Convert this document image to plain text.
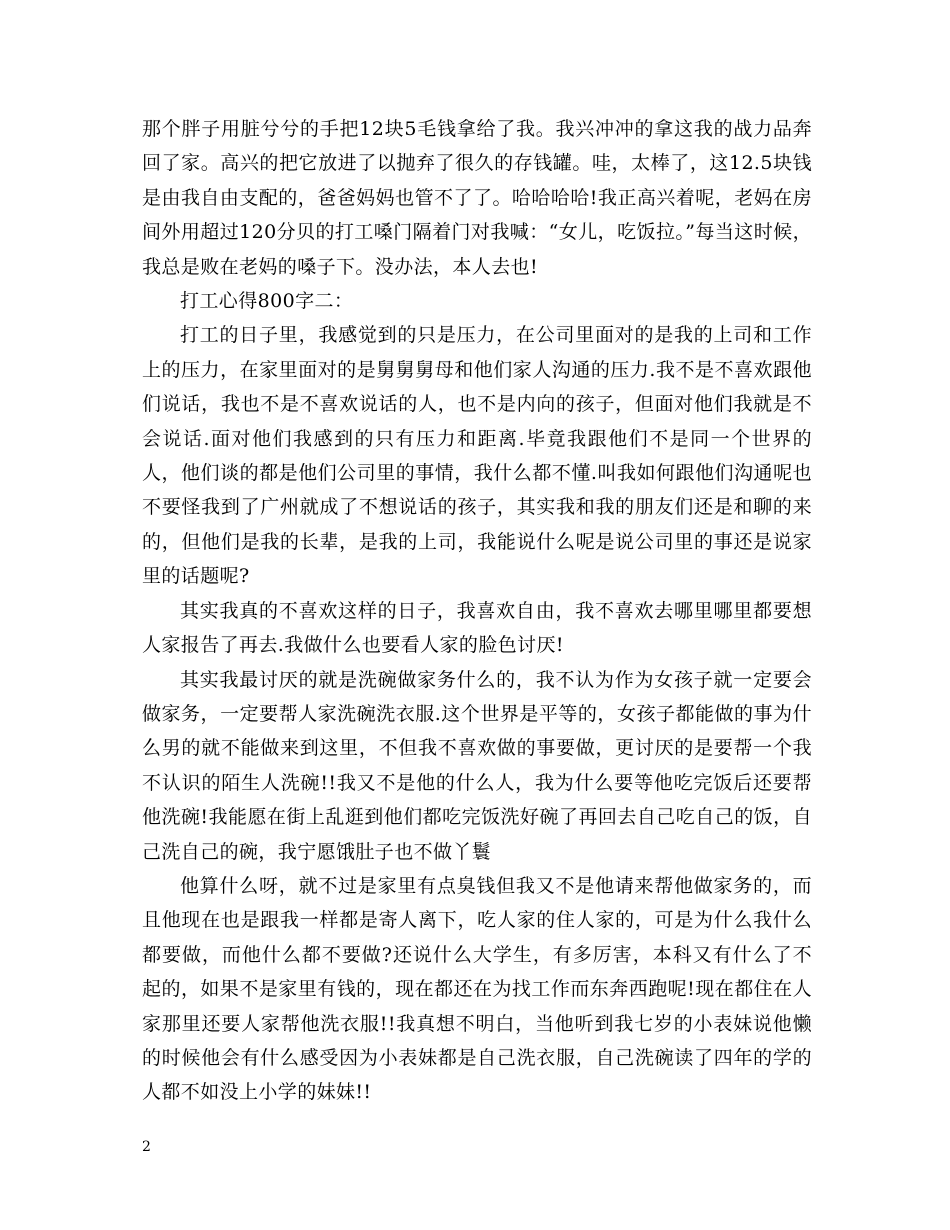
那个胖子用脏兮兮的手把12块5毛钱拿给了我。我兴冲冲的拿这我的战力品奔回了家。高兴的把它放进了以抛弃了很久的存钱罐。哇，太棒了，这12.5块钱是由我自由支配的，爸爸妈妈也管不了了。哈哈哈哈!我正高兴着呢，老妈在房间外用超过120分贝的打工嗓门隔着门对我喊：“女儿，吃饭拉。”每当这时候，我总是败在老妈的嗓子下。没办法，本人去也!

打工心得800字二：

打工的日子里，我感觉到的只是压力，在公司里面对的是我的上司和工作上的压力，在家里面对的是舅舅舅母和他们家人沟通的压力.我不是不喜欢跟他们说话，我也不是不喜欢说话的人，也不是内向的孩子，但面对他们我就是不会说话.面对他们我感到的只有压力和距离.毕竟我跟他们不是同一个世界的人，他们谈的都是他们公司里的事情，我什么都不懂.叫我如何跟他们沟通呢也不要怪我到了广州就成了不想说话的孩子，其实我和我的朋友们还是和聊的来的，但他们是我的长辈，是我的上司，我能说什么呢是说公司里的事还是说家里的话题呢?

其实我真的不喜欢这样的日子，我喜欢自由，我不喜欢去哪里哪里都要想人家报告了再去.我做什么也要看人家的脸色讨厌!

其实我最讨厌的就是洗碗做家务什么的，我不认为作为女孩子就一定要会做家务，一定要帮人家洗碗洗衣服.这个世界是平等的，女孩子都能做的事为什么男的就不能做来到这里，不但我不喜欢做的事要做，更讨厌的是要帮一个我不认识的陌生人洗碗!!我又不是他的什么人，我为什么要等他吃完饭后还要帮他洗碗!我能愿在街上乱逛到他们都吃完饭洗好碗了再回去自己吃自己的饭，自己洗自己的碗，我宁愿饿肚子也不做丫鬟

他算什么呀，就不过是家里有点臭钱但我又不是他请来帮他做家务的，而且他现在也是跟我一样都是寄人离下，吃人家的住人家的，可是为什么我什么都要做，而他什么都不要做?还说什么大学生，有多厉害，本科又有什么了不起的，如果不是家里有钱的，现在都还在为找工作而东奔西跑呢!现在都住在人家那里还要人家帮他洗衣服!!我真想不明白，当他听到我七岁的小表妹说他懒的时候他会有什么感受因为小表妹都是自己洗衣服，自己洗碗读了四年的学的人都不如没上小学的妹妹!!

2
